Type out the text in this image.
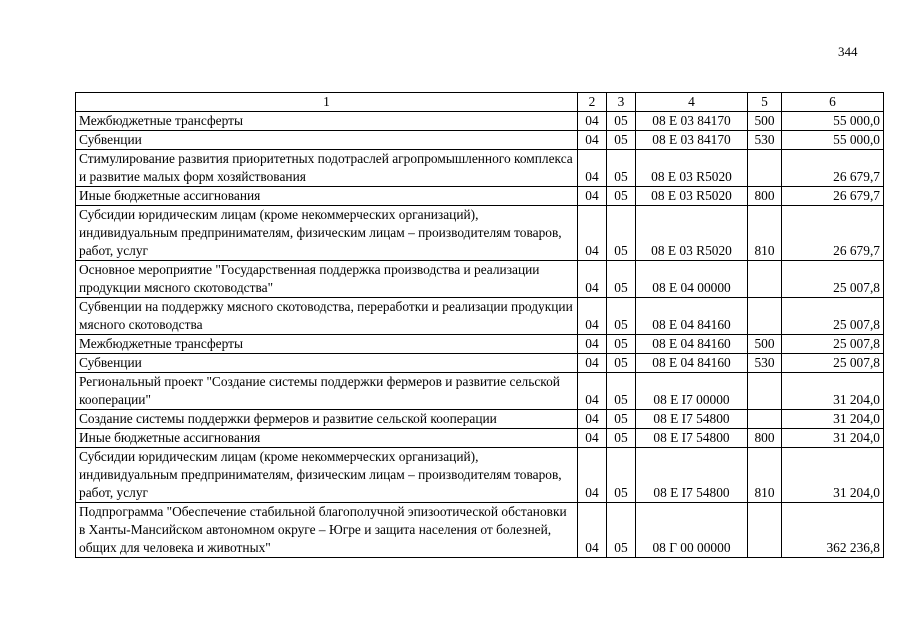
344
1	2	3	4	5	6
Межбюджетные трансферты	04	05	08 Е 03 84170	500	55 000,0
Субвенции	04	05	08 Е 03 84170	530	55 000,0
Стимулирование развития приоритетных подотраслей агропромышленного комплекса и развитие малых форм хозяйствования	04	05	08 Е 03 R5020		26 679,7
Иные бюджетные ассигнования	04	05	08 Е 03 R5020	800	26 679,7
Субсидии юридическим лицам (кроме некоммерческих организаций), индивидуальным предпринимателям, физическим лицам – производителям товаров, работ, услуг	04	05	08 Е 03 R5020	810	26 679,7
Основное мероприятие "Государственная поддержка производства и реализации продукции мясного скотоводства"	04	05	08 Е 04 00000		25 007,8
Субвенции на поддержку мясного скотоводства, переработки и реализации продукции мясного скотоводства	04	05	08 Е 04 84160		25 007,8
Межбюджетные трансферты	04	05	08 Е 04 84160	500	25 007,8
Субвенции	04	05	08 Е 04 84160	530	25 007,8
Региональный проект "Создание системы поддержки фермеров и развитие сельской кооперации"	04	05	08 Е I7 00000		31 204,0
Создание системы поддержки фермеров и развитие сельской кооперации	04	05	08 Е I7 54800		31 204,0
Иные бюджетные ассигнования	04	05	08 Е I7 54800	800	31 204,0
Субсидии юридическим лицам (кроме некоммерческих организаций), индивидуальным предпринимателям, физическим лицам – производителям товаров, работ, услуг	04	05	08 Е I7 54800	810	31 204,0
Подпрограмма "Обеспечение стабильной благополучной эпизоотической обстановки в Ханты-Мансийском автономном округе – Югре и защита населения от болезней, общих для человека и животных"	04	05	08 Г 00 00000		362 236,8
